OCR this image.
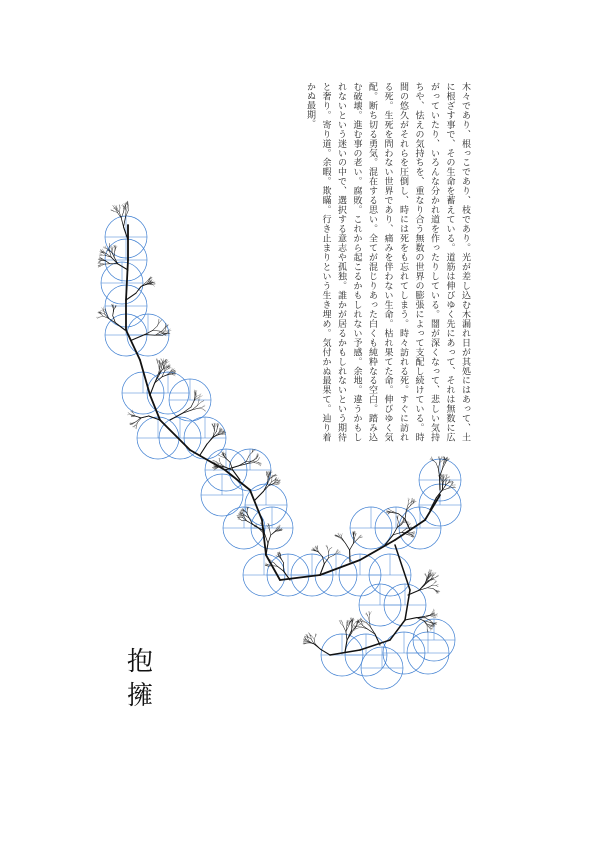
木々であり、根っこであり、枝であり。光が差し込む木漏れ日が其処にはあって、土に根ざす事で、その生命を蓄えている。道筋は伸びゆく先にあって、それは無数に広がっていたり、いろんな分かれ道を作ったりしている。闇が深くなって、悲しい気持ちや、怯えの気持ちを、重なり合う無数の世界の膨張によって支配し続けている。時間の悠久がそれらを圧倒し、時には死をも忘れてしまう。時々訪れる死。すぐに訪れる死。生死を問わない世界であり、痛みを伴わない生命。枯れ果てた命。伸びゆく気配。断ち切る勇気。混在する思い。全てが混じりあった白くも純粋なる空白。踏み込む破壊。進む事の老い。腐敗。これから起こるかもしれない予感。余地。違うかもしれないという迷いの中で、選択する意志や孤独。誰かが居るかもしれないという期待と奢り。寄り道。余暇。欺瞞。行き止まりという生き埋め。気付かぬ最果て。辿り着かぬ最期。
抱
擁
